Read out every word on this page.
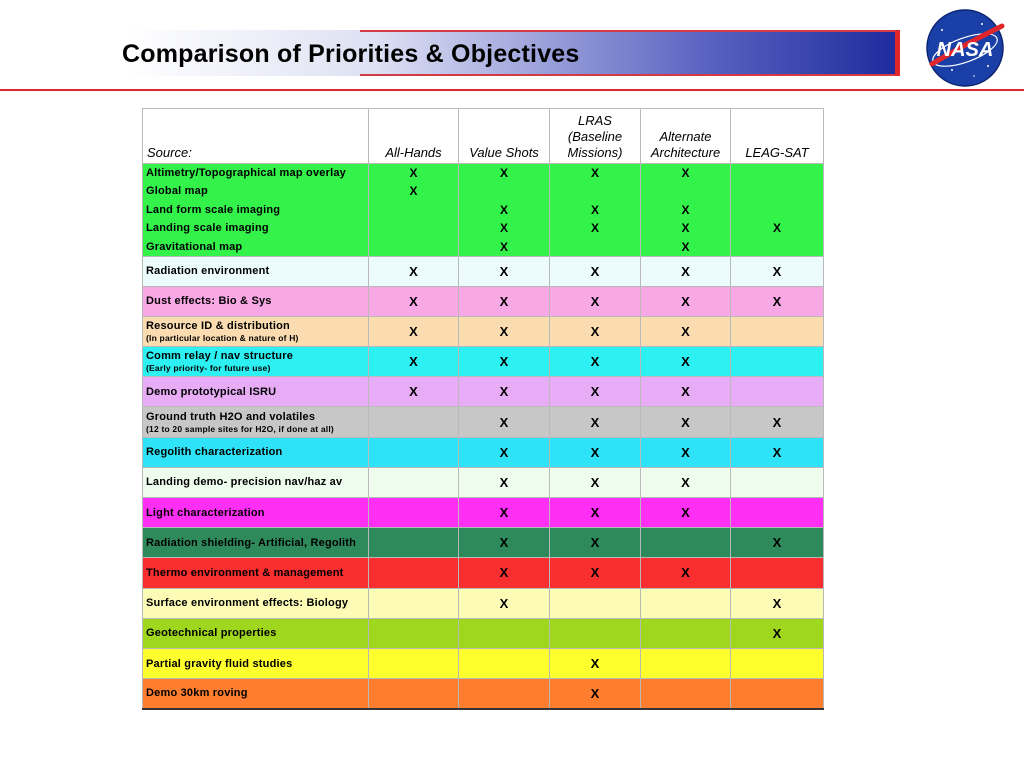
Comparison of Priorities & Objectives	NASA
Source:	All-Hands	Value Shots	LRAS (Baseline Missions)	Alternate Architecture	LEAG-SAT
Altimetry/Topographical map overlay	X	X	X	X	
Global map	X				
Land form scale imaging		X	X	X	
Landing scale imaging		X	X	X	X
Gravitational map		X		X	

Radiation environment	X	X	X	X	X

Dust effects: Bio & Sys	X	X	X	X	X

Resource ID & distribution
(In particular location & nature of H)	X	X	X	X	

Comm relay / nav structure
(Early priority- for future use)	X	X	X	X	

Demo prototypical ISRU	X	X	X	X	

Ground truth H2O and volatiles
(12 to 20 sample sites for H2O, if done at all)		X	X	X	X

Regolith characterization		X	X	X	X

Landing demo- precision nav/haz av		X	X	X	

Light characterization		X	X	X	

Radiation shielding- Artificial, Regolith		X	X		X

Thermo environment & management		X	X	X	

Surface environment effects: Biology		X			X

Geotechnical properties					X

Partial gravity fluid studies			X		

Demo 30km roving			X		
